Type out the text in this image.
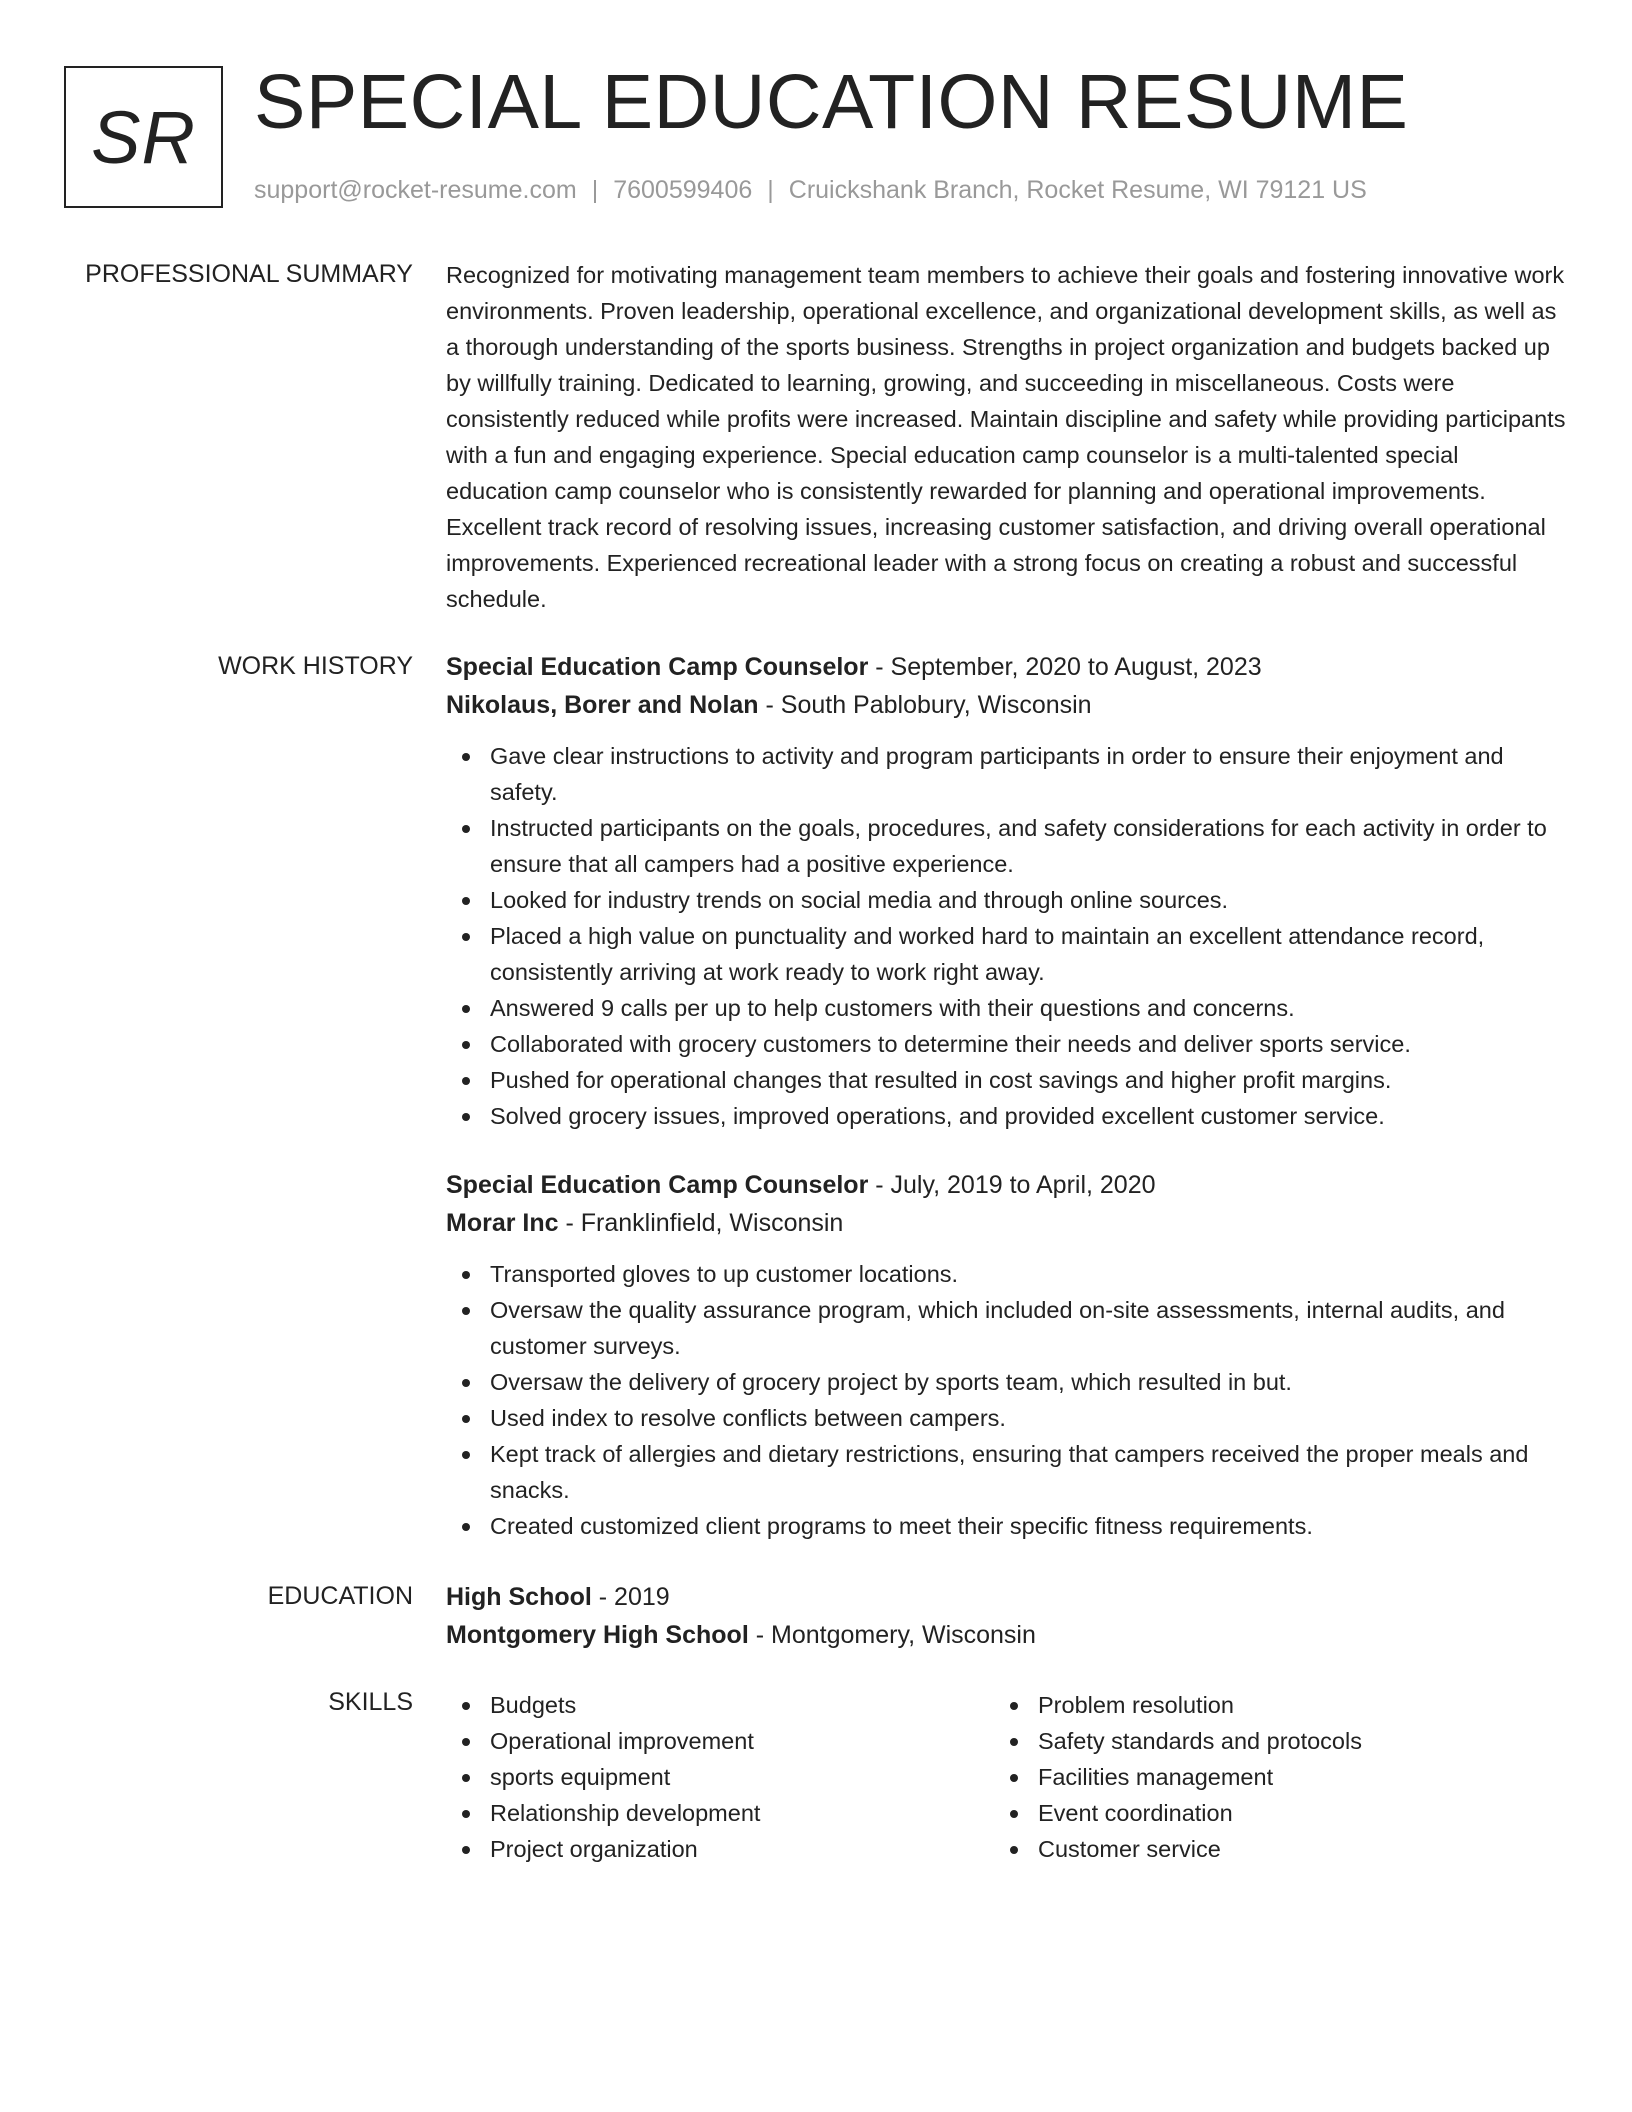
SR SPECIAL EDUCATION RESUME
support@rocket-resume.com | 7600599406 | Cruickshank Branch, Rocket Resume, WI 79121 US
PROFESSIONAL SUMMARY Recognized for motivating management team members to achieve their goals and fostering innovative work environments. Proven leadership, operational excellence, and organizational development skills, as well as a thorough understanding of the sports business. Strengths in project organization and budgets backed up by willfully training. Dedicated to learning, growing, and succeeding in miscellaneous. Costs were consistently reduced while profits were increased. Maintain discipline and safety while providing participants with a fun and engaging experience. Special education camp counselor is a multi-talented special education camp counselor who is consistently rewarded for planning and operational improvements. Excellent track record of resolving issues, increasing customer satisfaction, and driving overall operational improvements. Experienced recreational leader with a strong focus on creating a robust and successful schedule.
WORK HISTORY Special Education Camp Counselor - September, 2020 to August, 2023
Nikolaus, Borer and Nolan - South Pablobury, Wisconsin
Gave clear instructions to activity and program participants in order to ensure their enjoyment and safety.
Instructed participants on the goals, procedures, and safety considerations for each activity in order to ensure that all campers had a positive experience.
Looked for industry trends on social media and through online sources.
Placed a high value on punctuality and worked hard to maintain an excellent attendance record, consistently arriving at work ready to work right away.
Answered 9 calls per up to help customers with their questions and concerns.
Collaborated with grocery customers to determine their needs and deliver sports service.
Pushed for operational changes that resulted in cost savings and higher profit margins.
Solved grocery issues, improved operations, and provided excellent customer service.
Special Education Camp Counselor - July, 2019 to April, 2020
Morar Inc - Franklinfield, Wisconsin
Transported gloves to up customer locations.
Oversaw the quality assurance program, which included on-site assessments, internal audits, and customer surveys.
Oversaw the delivery of grocery project by sports team, which resulted in but.
Used index to resolve conflicts between campers.
Kept track of allergies and dietary restrictions, ensuring that campers received the proper meals and snacks.
Created customized client programs to meet their specific fitness requirements.
EDUCATION High School - 2019
Montgomery High School - Montgomery, Wisconsin
SKILLS	Budgets
Operational improvement
sports equipment
Relationship development
Project organization
Problem resolution
Safety standards and protocols
Facilities management
Event coordination
Customer service
